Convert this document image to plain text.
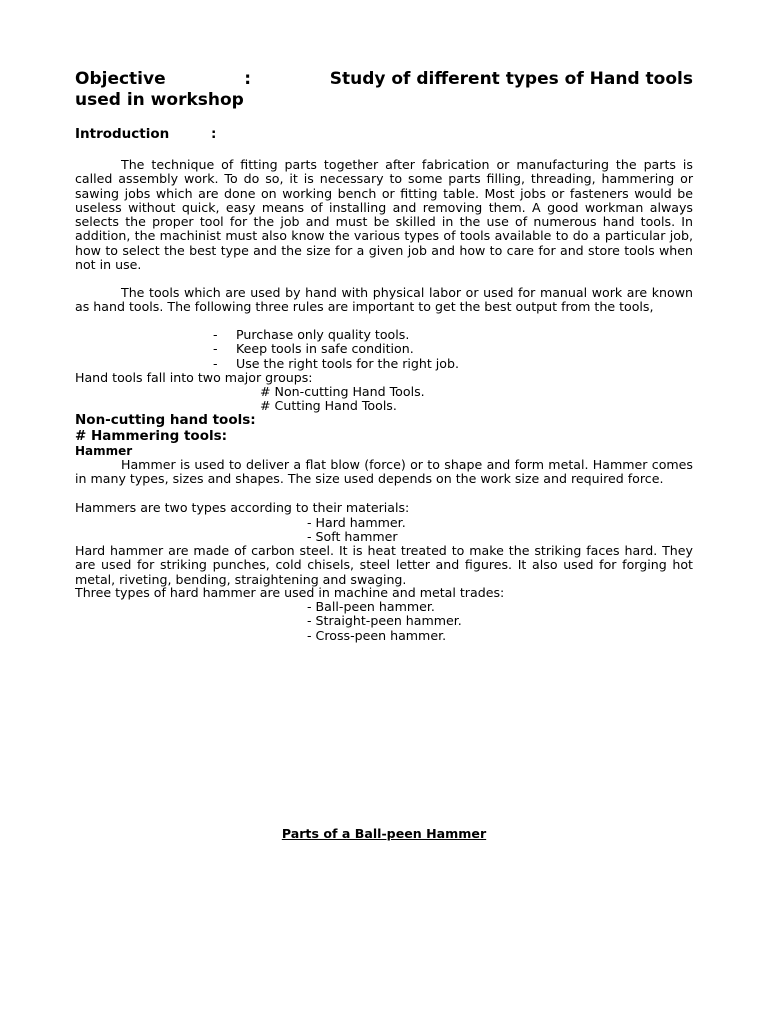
Objective	:	Study of different types of Hand tools
used in workshop
Introduction	:
The technique of fitting parts together after fabrication or manufacturing the parts is called assembly work. To do so, it is necessary to some parts filling, threading, hammering or sawing jobs which are done on working bench or fitting table. Most jobs or fasteners would be useless without quick, easy means of installing and removing them. A good workman always selects the proper tool for the job and must be skilled in the use of numerous hand tools. In addition, the machinist must also know the various types of tools available to do a particular job, how to select the best type and the size for a given job and how to care for and store tools when not in use.
The tools which are used by hand with physical labor or used for manual work are known as hand tools. The following three rules are important to get the best output from the tools,
-	Purchase only quality tools.
-	Keep tools in safe condition.
-	Use the right tools for the right job.
Hand tools fall into two major groups:
# Non-cutting Hand Tools.
# Cutting Hand Tools.
Non-cutting hand tools:
# Hammering tools:
Hammer
Hammer is used to deliver a flat blow (force) or to shape and form metal. Hammer comes in many types, sizes and shapes. The size used depends on the work size and required force.
Hammers are two types according to their materials:
- Hard hammer.
- Soft hammer
Hard hammer are made of carbon steel. It is heat treated to make the striking faces hard. They are used for striking punches, cold chisels, steel letter and figures. It also used for forging hot metal, riveting, bending, straightening and swaging.
Three types of hard hammer are used in machine and metal trades:
- Ball-peen hammer.
- Straight-peen hammer.
- Cross-peen hammer.
Parts of a Ball-peen Hammer
